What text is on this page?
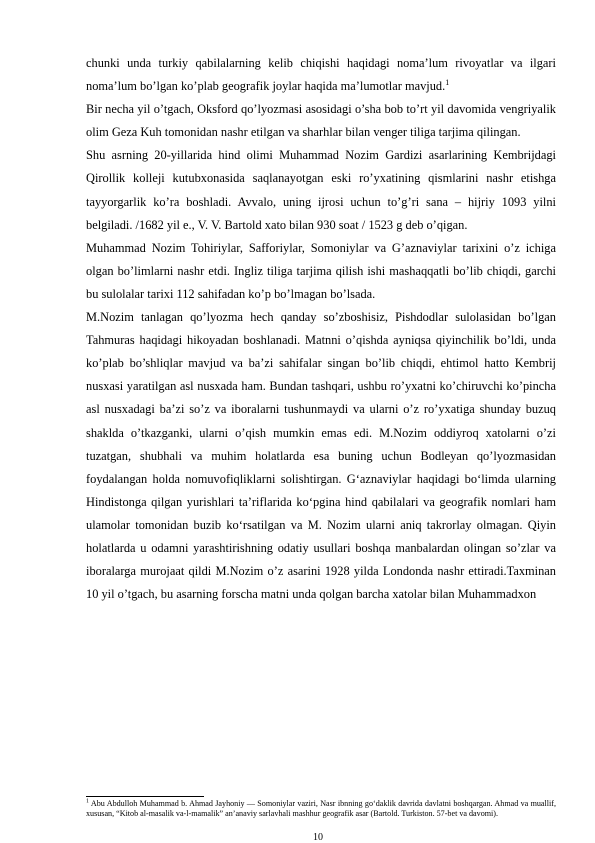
chunki unda turkiy qabilalarning kelib chiqishi haqidagi noma’lum rivoyatlar va ilgari noma’lum bo’lgan ko’plab geografik joylar haqida ma’lumotlar mavjud.$^1$

Bir necha yil o’tgach, Oksford qo’lyozmasi asosidagi o’sha bob to’rt yil davomida vengriyalik olim Geza Kuh tomonidan nashr etilgan va sharhlar bilan venger tiliga tarjima qilingan.

Shu asrning 20-yillarida hind olimi Muhammad Nozim Gardizi asarlarining Kembrijdagi Qirollik kolleji kutubxonasida saqlanayotgan eski ro’yxatining qismlarini nashr etishga tayyorgarlik ko’ra boshladi. Avvalo, uning ijrosi uchun to’g’ri sana – hijriy 1093 yilni belgiladi. /1682 yil e., V. V. Bartold xato bilan 930 soat / 1523 g deb o’qigan.

Muhammad Nozim Tohiriylar, Safforiylar, Somoniylar va G’aznaviylar tarixini o’z ichiga olgan bo’limlarni nashr etdi. Ingliz tiliga tarjima qilish ishi mashaqqatli bo’lib chiqdi, garchi bu sulolalar tarixi 112 sahifadan ko’p bo’lmagan bo’lsada.

M.Nozim tanlagan qo’lyozma hech qanday so’zboshisiz, Pishdodlar sulolasidan bo’lgan Tahmuras haqidagi hikoyadan boshlanadi. Matnni o’qishda ayniqsa qiyinchilik bo’ldi, unda ko’plab bo’shliqlar mavjud va ba’zi sahifalar singan bo’lib chiqdi, ehtimol hatto Kembrij nusxasi yaratilgan asl nusxada ham. Bundan tashqari, ushbu ro’yxatni ko’chiruvchi ko’pincha asl nusxadagi ba’zi so’z va iboralarni tushunmaydi va ularni o’z ro’yxatiga shunday buzuq shaklda o’tkazganki, ularni o’qish mumkin emas edi. M.Nozim oddiyroq xatolarni o’zi tuzatgan, shubhali va muhim holatlarda esa buning uchun Bodleyan qo’lyozmasidan foydalangan holda nomuvofiqliklarni solishtirgan. G‘aznaviylar haqidagi bo‘limda ularning Hindistonga qilgan yurishlari ta’riflarida ko‘pgina hind qabilalari va geografik nomlari ham ulamolar tomonidan buzib ko‘rsatilgan va M. Nozim ularni aniq takrorlay olmagan. Qiyin holatlarda u odamni yarashtirishning odatiy usullari boshqa manbalardan olingan so’zlar va iboralarga murojaat qildi M.Nozim o’z asarini 1928 yilda Londonda nashr ettiradi.Taxminan 10 yil o’tgach, bu asarning forscha matni unda qolgan barcha xatolar bilan Muhammadxon

$^1$ Abu Abdulloh Muhammad b. Ahmad Jayhoniy — Somoniylar vaziri, Nasr ibnning go‘daklik davrida davlatni boshqargan. Ahmad va muallif, xususan, “Kitob al-masalik va-l-mamalik” an’anaviy sarlavhali mashhur geografik asar (Bartold. Turkiston. 57-bet va davomi).

10
